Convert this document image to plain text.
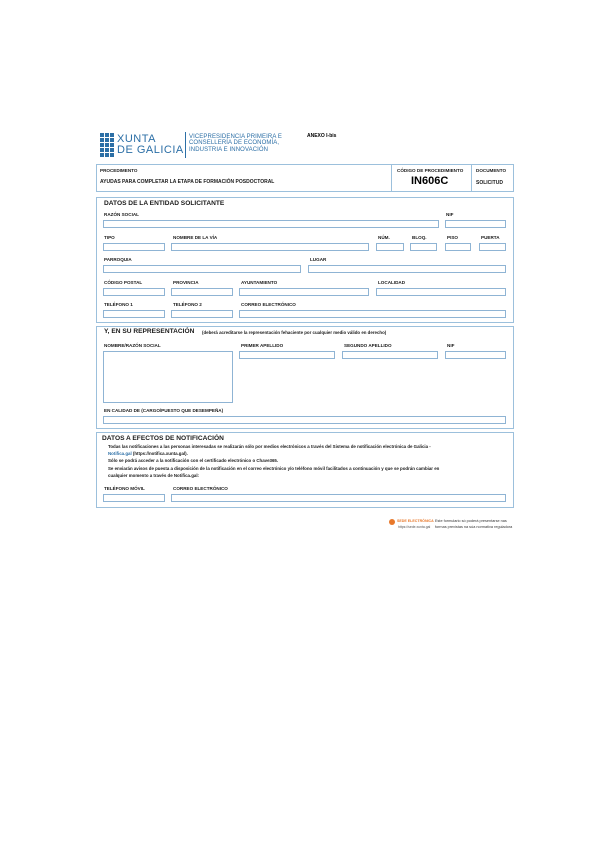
XUNTA
DE GALICIA
VICEPRESIDENCIA PRIMEIRA E
CONSELLERÍA DE ECONOMÍA,
INDUSTRIA E INNOVACIÓN
ANEXO I-bis
PROCEDIMENTO
AYUDAS PARA COMPLETAR LA ETAPA DE FORMACIÓN POSDOCTORAL
CÓDIGO DE PROCEDIMIENTO
IN606C
DOCUMENTO
SOLICITUD
DATOS DE LA ENTIDAD SOLICITANTE
RAZÓN SOCIAL	NIF
TIPO	NOMBRE DE LA VÍA	NÚM.	BLOQ.	PISO	PUERTA
PARROQUIA	LUGAR
CÓDIGO POSTAL	PROVINCIA	AYUNTAMIENTO	LOCALIDAD
TELÉFONO 1	TELÉFONO 2	CORREO ELECTRÓNICO
Y, EN SU REPRESENTACIÓN (deberá acreditarse la representación fehaciente por cualquier medio válido en derecho)
NOMBRE/RAZÓN SOCIAL	PRIMER APELLIDO	SEGUNDO APELLIDO	NIF
EN CALIDAD DE (CARGO/PUESTO QUE DESEMPEÑA)
DATOS A EFECTOS DE NOTIFICACIÓN
Todas las notificaciones a las personas interesadas se realizarán sólo por medios electrónicos a través del Sistema de notificación electrónica de Galicia -
Notifica.gal (https://notifica.xunta.gal).
Sólo se podrá acceder a la notificación con el certificado electrónico o Chave365.
Se enviarán avisos de puesta a disposición de la notificación en el correo electrónico y/o teléfono móvil facilitados a continuación y que se podrán cambiar en
cualquier momento a través de Notifica.gal:
TELÉFONO MÓVIL	CORREO ELECTRÓNICO
SEDE ELECTRÓNICA
https://sede.xunta.gal
Este formulario só poderá presentarse nas
formas previstas na súa normativa reguladora
